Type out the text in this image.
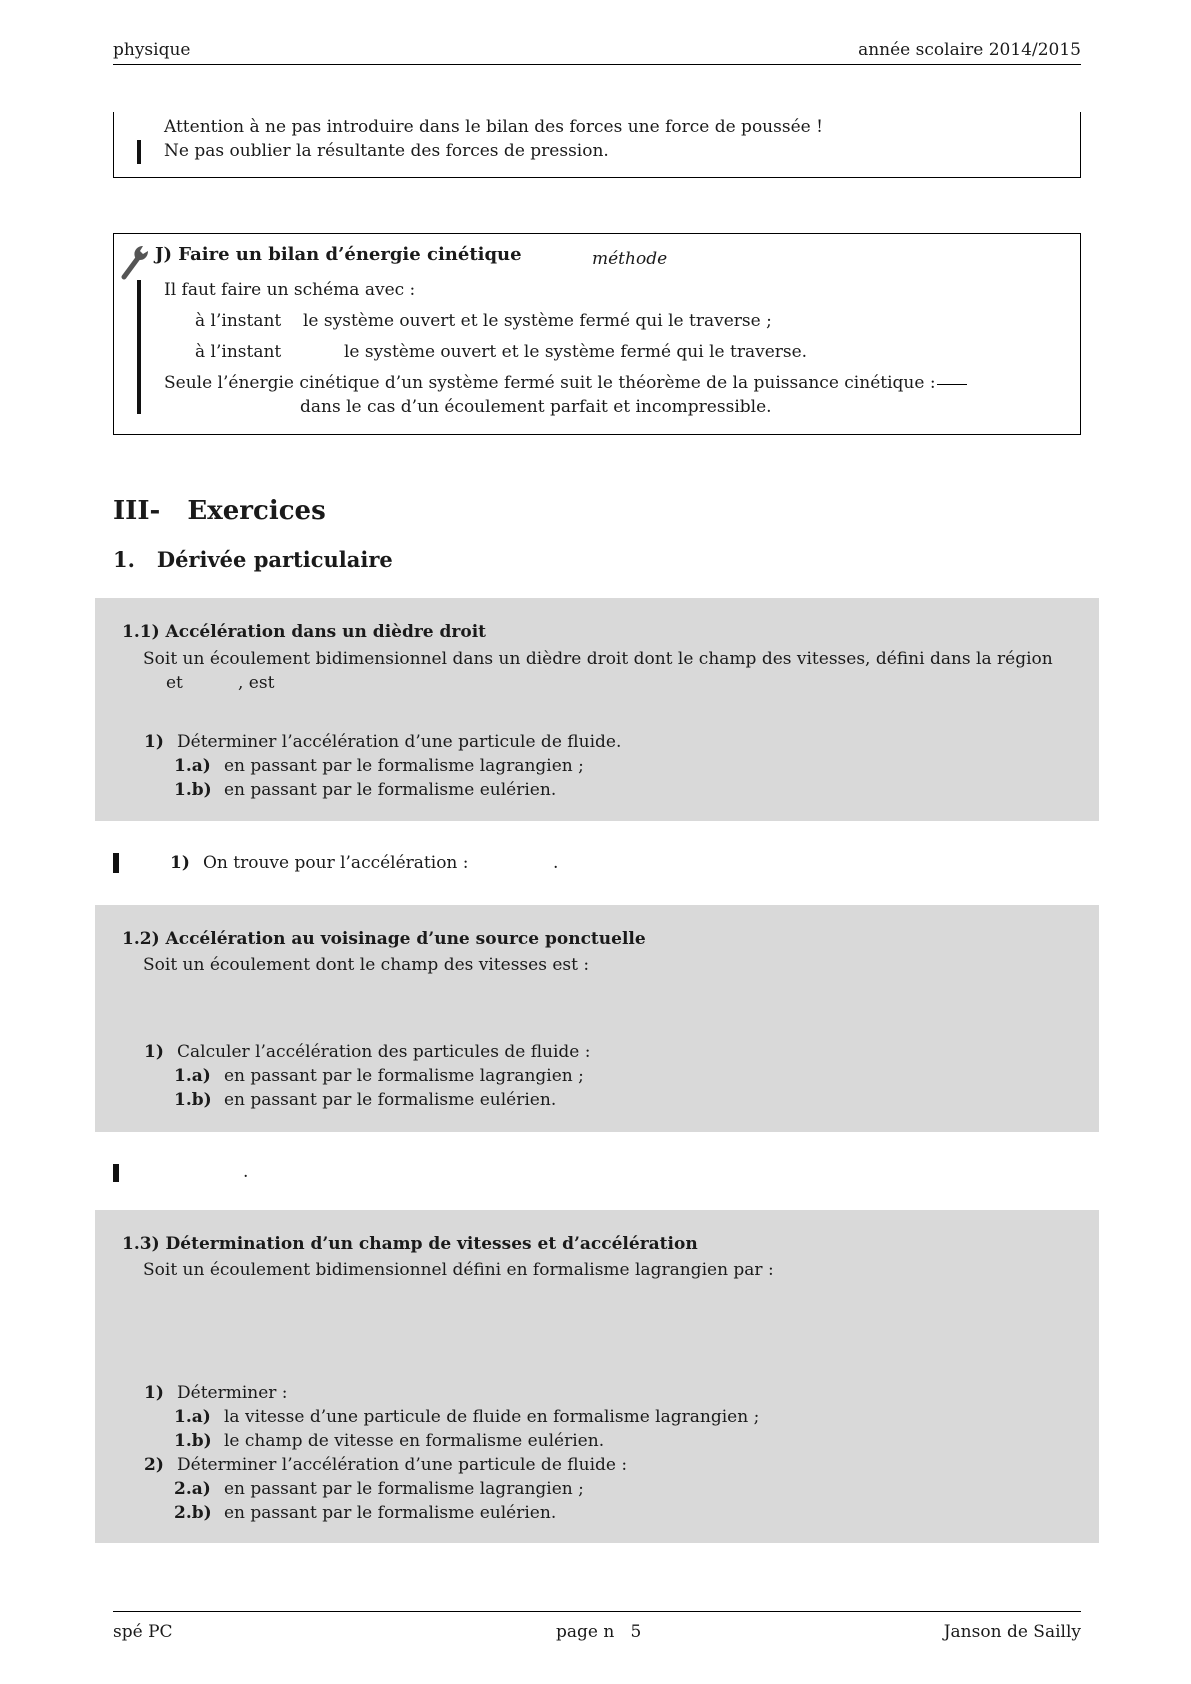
physique	année scolaire 2014/2015
Attention à ne pas introduire dans le bilan des forces une force de poussée !
Ne pas oublier la résultante des forces de pression.
J) Faire un bilan d’énergie cinétique	méthode
Il faut faire un schéma avec :
à l’instant le système ouvert et le système fermé qui le traverse ;
à l’instant	le système ouvert et le système fermé qui le traverse.
Seule l’énergie cinétique d’un système fermé suit le théorème de la puissance cinétique :
dans le cas d’un écoulement parfait et incompressible.
III-   Exercices
1.   Dérivée particulaire
1.1) Accélération dans un dièdre droit
Soit un écoulement bidimensionnel dans un dièdre droit dont le champ des vitesses, défini dans la région
et	, est
1) Déterminer l’accélération d’une particule de fluide.
1.a) en passant par le formalisme lagrangien ;
1.b) en passant par le formalisme eulérien.
1) On trouve pour l’accélération :	.
1.2) Accélération au voisinage d’une source ponctuelle
Soit un écoulement dont le champ des vitesses est :
1) Calculer l’accélération des particules de fluide :
1.a) en passant par le formalisme lagrangien ;
1.b) en passant par le formalisme eulérien.
.
1.3) Détermination d’un champ de vitesses et d’accélération
Soit un écoulement bidimensionnel défini en formalisme lagrangien par :
1) Déterminer :
1.a) la vitesse d’une particule de fluide en formalisme lagrangien ;
1.b) le champ de vitesse en formalisme eulérien.
2) Déterminer l’accélération d’une particule de fluide :
2.a) en passant par le formalisme lagrangien ;
2.b) en passant par le formalisme eulérien.
spé PC	page n   5	Janson de Sailly
